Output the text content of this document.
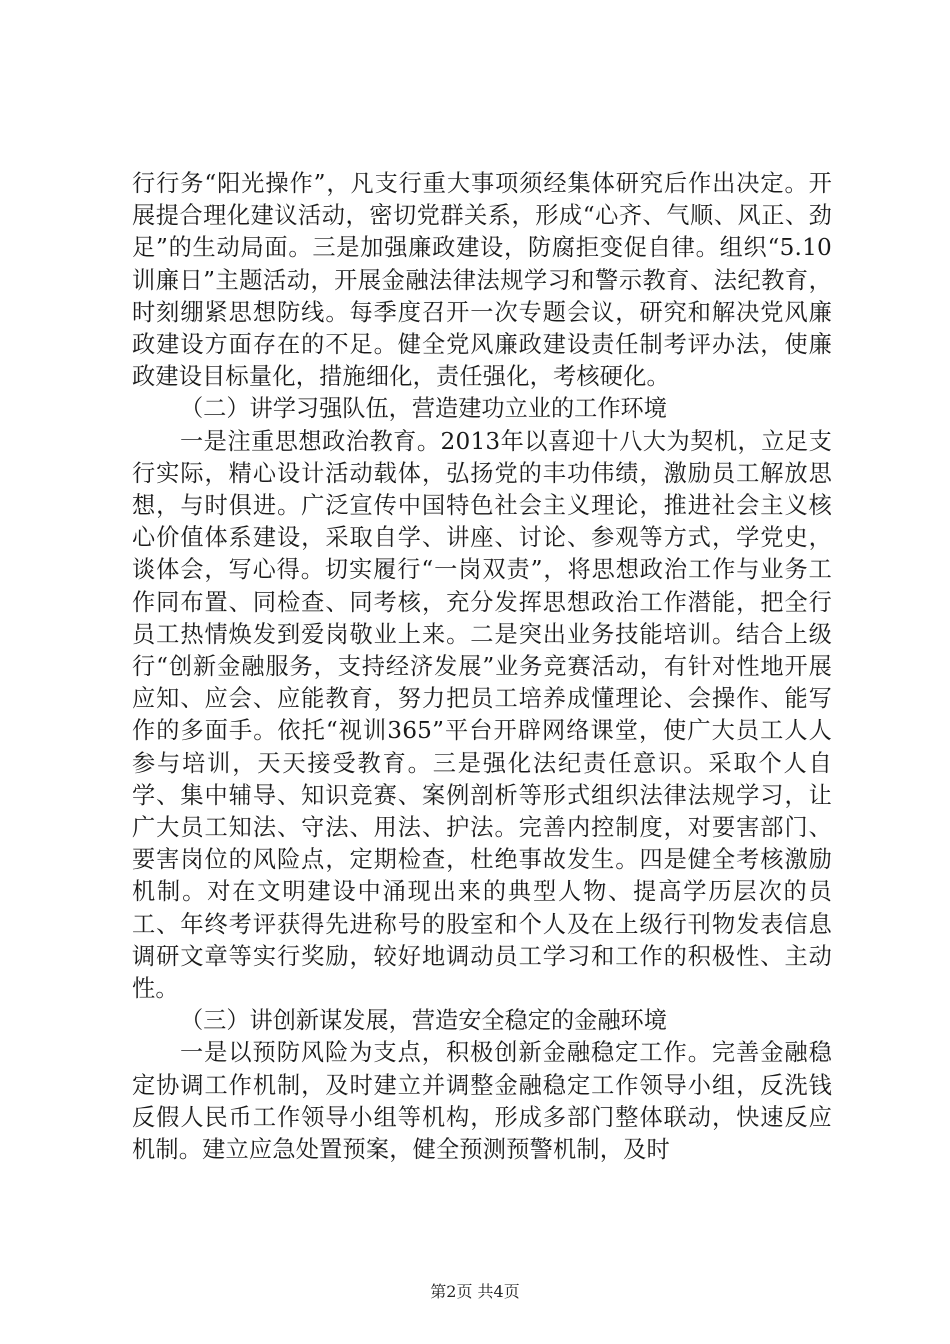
行行务“阳光操作”，凡支行重大事项须经集体研究后作出决定。开展提合理化建议活动，密切党群关系，形成“心齐、气顺、风正、劲足”的生动局面。三是加强廉政建设，防腐拒变促自律。组织“5.10训廉日”主题活动，开展金融法律法规学习和警示教育、法纪教育，时刻绷紧思想防线。每季度召开一次专题会议，研究和解决党风廉政建设方面存在的不足。健全党风廉政建设责任制考评办法，使廉政建设目标量化，措施细化，责任强化，考核硬化。

（二）讲学习强队伍，营造建功立业的工作环境

一是注重思想政治教育。2013年以喜迎十八大为契机，立足支行实际，精心设计活动载体，弘扬党的丰功伟绩，激励员工解放思想，与时俱进。广泛宣传中国特色社会主义理论，推进社会主义核心价值体系建设，采取自学、讲座、讨论、参观等方式，学党史，谈体会，写心得。切实履行“一岗双责”，将思想政治工作与业务工作同布置、同检查、同考核，充分发挥思想政治工作潜能，把全行员工热情焕发到爱岗敬业上来。二是突出业务技能培训。结合上级行“创新金融服务，支持经济发展”业务竞赛活动，有针对性地开展应知、应会、应能教育，努力把员工培养成懂理论、会操作、能写作的多面手。依托“视训365”平台开辟网络课堂，使广大员工人人参与培训，天天接受教育。三是强化法纪责任意识。采取个人自学、集中辅导、知识竞赛、案例剖析等形式组织法律法规学习，让广大员工知法、守法、用法、护法。完善内控制度，对要害部门、要害岗位的风险点，定期检查，杜绝事故发生。四是健全考核激励机制。对在文明建设中涌现出来的典型人物、提高学历层次的员工、年终考评获得先进称号的股室和个人及在上级行刊物发表信息调研文章等实行奖励，较好地调动员工学习和工作的积极性、主动性。

（三）讲创新谋发展，营造安全稳定的金融环境

一是以预防风险为支点，积极创新金融稳定工作。完善金融稳定协调工作机制，及时建立并调整金融稳定工作领导小组，反洗钱反假人民币工作领导小组等机构，形成多部门整体联动，快速反应机制。建立应急处置预案，健全预测预警机制，及时

第2页 共4页
